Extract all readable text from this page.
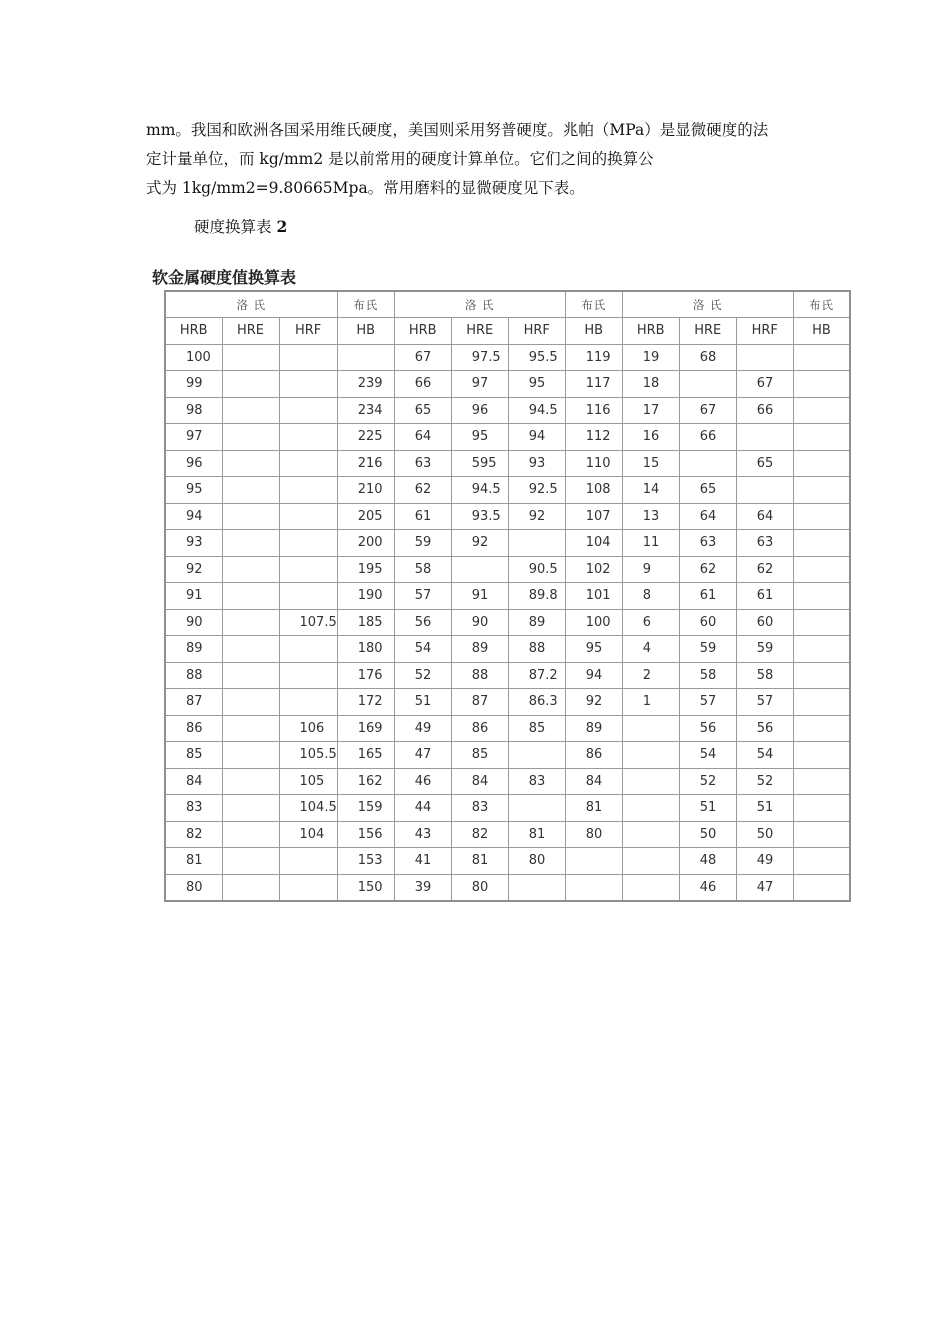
mm。我国和欧洲各国采用维氏硬度，美国则采用努普硬度。兆帕（MPa）是显微硬度的法
定计量单位，而 kg/mm2 是以前常用的硬度计算单位。它们之间的换算公
式为 1kg/mm2=9.80665Mpa。常用磨料的显微硬度见下表。
硬度换算表 2
软金属硬度值换算表
洛 氏			布氏	洛 氏			布氏	洛 氏			布氏
HRB	HRE	HRF	HB	HRB	HRE	HRF	HB	HRB	HRE	HRF	HB
100				67	97.5	95.5	119	19	68		
99			239	66	97	95	117	18		67	
98			234	65	96	94.5	116	17	67	66	
97			225	64	95	94	112	16	66		
96			216	63	595	93	110	15		65	
95			210	62	94.5	92.5	108	14	65		
94			205	61	93.5	92	107	13	64	64	
93			200	59	92		104	11	63	63	
92			195	58		90.5	102	9	62	62	
91			190	57	91	89.8	101	8	61	61	
90		107.5	185	56	90	89	100	6	60	60	
89			180	54	89	88	95	4	59	59	
88			176	52	88	87.2	94	2	58	58	
87			172	51	87	86.3	92	1	57	57	
86		106	169	49	86	85	89		56	56	
85		105.5	165	47	85		86		54	54	
84		105	162	46	84	83	84		52	52	
83		104.5	159	44	83		81		51	51	
82		104	156	43	82	81	80		50	50	
81			153	41	81	80			48	49	
80			150	39	80				46	47	
